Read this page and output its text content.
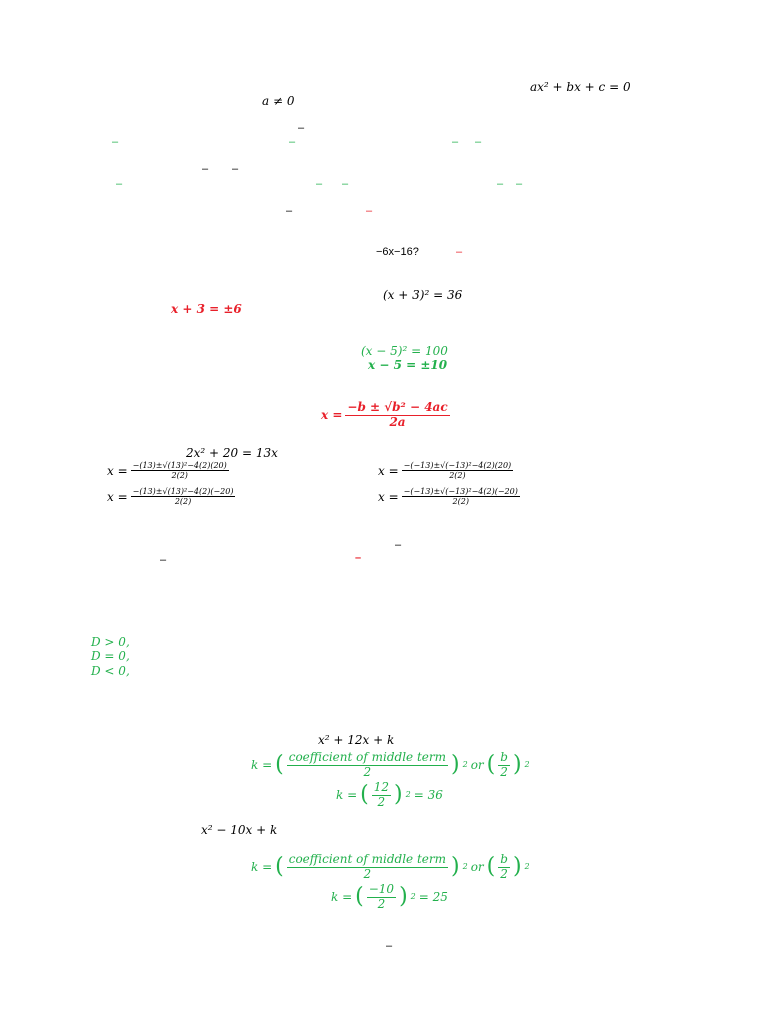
ax² + bx + c = 0
a ≠ 0
–
– –
–
–	–	– –
–	– –	– –
–
–
−6x−16?
(x + 3)² = 36
x + 3 = ±6
(x − 5)² = 100
x − 5 = ±10
$x = \frac{\text{−b ± √b² − 4ac}}{2a}$
2x² + 20 = 13x
$x = \frac{\text{−(13)±√(13)²−4(2)(20)}}{2(2)}$	$x = \frac{\text{−(−13)±√(−13)²−4(2)(20)}}{2(2)}$
$x = \frac{\text{−(13)±√(13)²−4(2)(−20)}}{2(2)}$	$x = \frac{\text{−(−13)±√(−13)²−4(2)(−20)}}{2(2)}$
–
–	–
D > 0,
D = 0,
D < 0,
x² + 12x + k
k = ( $\frac{\text{coefficient of middle term}}{2}$ ) 2 or ( $\frac{b}{2}$ ) 2
k = ( $\frac{12}{2}$ ) 2 = 36
x² − 10x + k
k = ( $\frac{\text{coefficient of middle term}}{2}$ ) 2 or ( $\frac{b}{2}$ ) 2
k = ( $\frac{-10}{2}$ ) 2 = 25
–
